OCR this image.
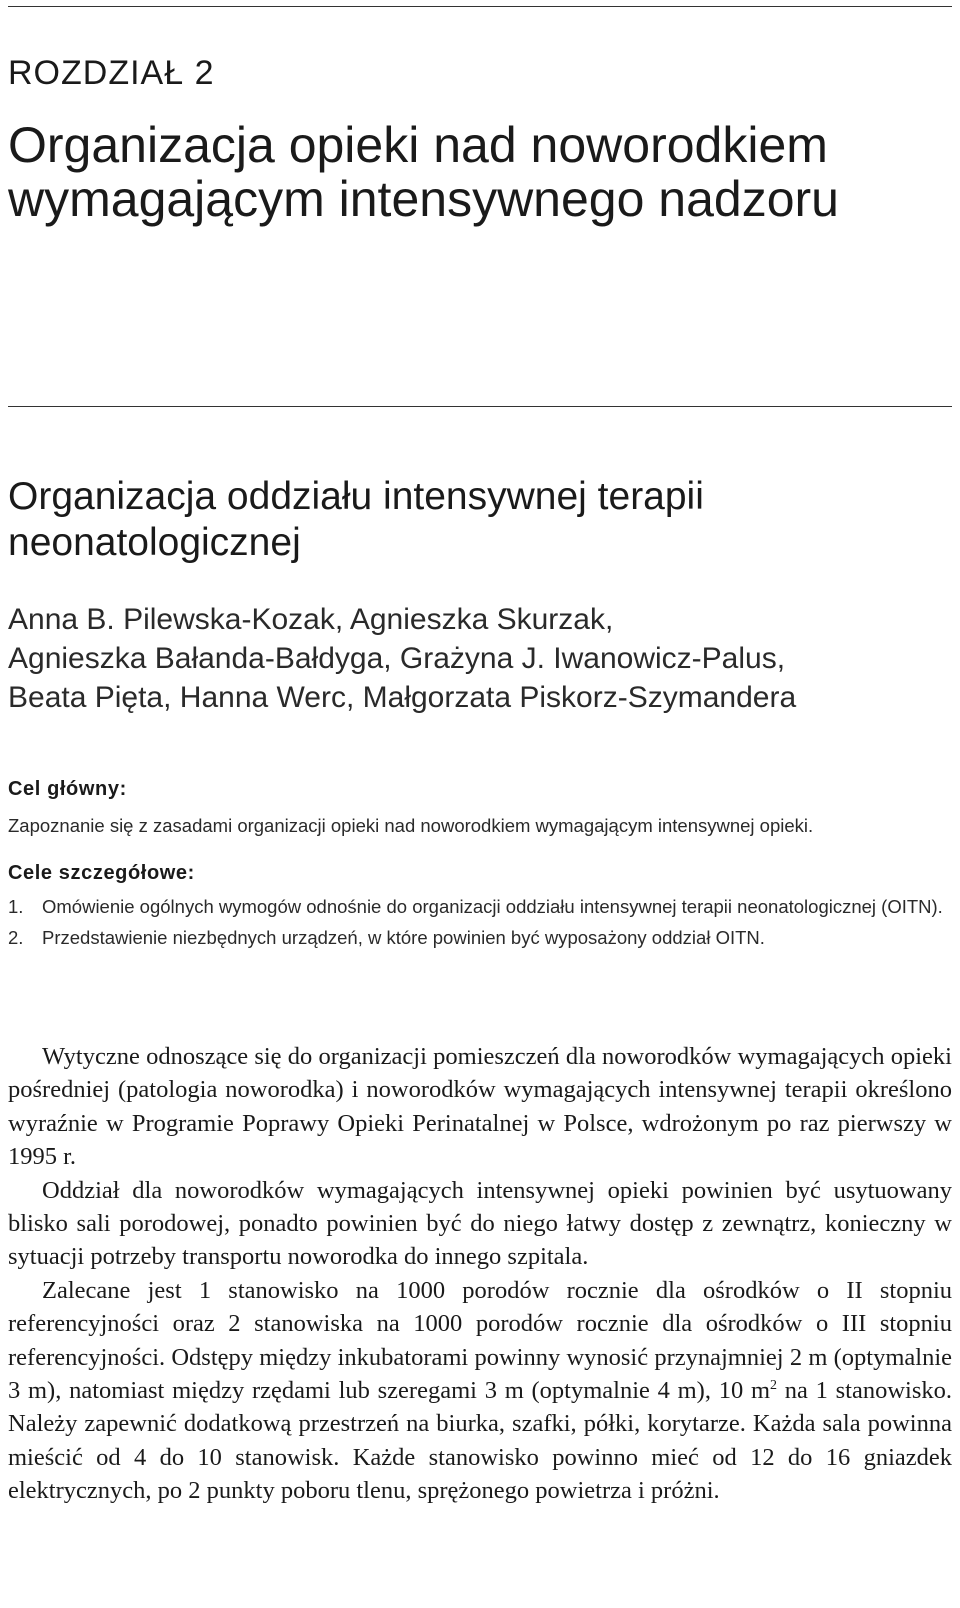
ROZDZIAŁ 2
Organizacja opieki nad noworodkiem wymagającym intensywnego nadzoru
Organizacja oddziału intensywnej terapii neonatologicznej
Anna B. Pilewska-Kozak, Agnieszka Skurzak,
Agnieszka Bałanda-Bałdyga, Grażyna J. Iwanowicz-Palus,
Beata Pięta, Hanna Werc, Małgorzata Piskorz-Szymandera
Cel główny:

Zapoznanie się z zasadami organizacji opieki nad noworodkiem wymagającym intensywnej opieki.

Cele szczegółowe:
1.	Omówienie ogólnych wymogów odnośnie do organizacji oddziału intensywnej terapii neonatologicznej (OITN).
2.	Przedstawienie niezbędnych urządzeń, w które powinien być wyposażony oddział OITN.

Wytyczne odnoszące się do organizacji pomieszczeń dla noworodków wymagających opieki pośredniej (patologia noworodka) i noworodków wymagających intensywnej terapii określono wyraźnie w Programie Poprawy Opieki Perinatalnej w Polsce, wdrożonym po raz pierwszy w 1995 r.

Oddział dla noworodków wymagających intensywnej opieki powinien być usytuowany blisko sali porodowej, ponadto powinien być do niego łatwy dostęp z zewnątrz, konieczny w sytuacji potrzeby transportu noworodka do innego szpitala.

Zalecane jest 1 stanowisko na 1000 porodów rocznie dla ośrodków o II stopniu referencyjności oraz 2 stanowiska na 1000 porodów rocznie dla ośrodków o III stopniu referencyjności. Odstępy między inkubatorami powinny wynosić przynajmniej 2 m (optymalnie 3 m), natomiast między rzędami lub szeregami 3 m (optymalnie 4 m), 10 $m^2$ na 1 stanowisko. Należy zapewnić dodatkową przestrzeń na biurka, szafki, półki, korytarze. Każda sala powinna mieścić od 4 do 10 stanowisk. Każde stanowisko powinno mieć od 12 do 16 gniazdek elektrycznych, po 2 punkty poboru tlenu, sprężonego powietrza i próżni.
